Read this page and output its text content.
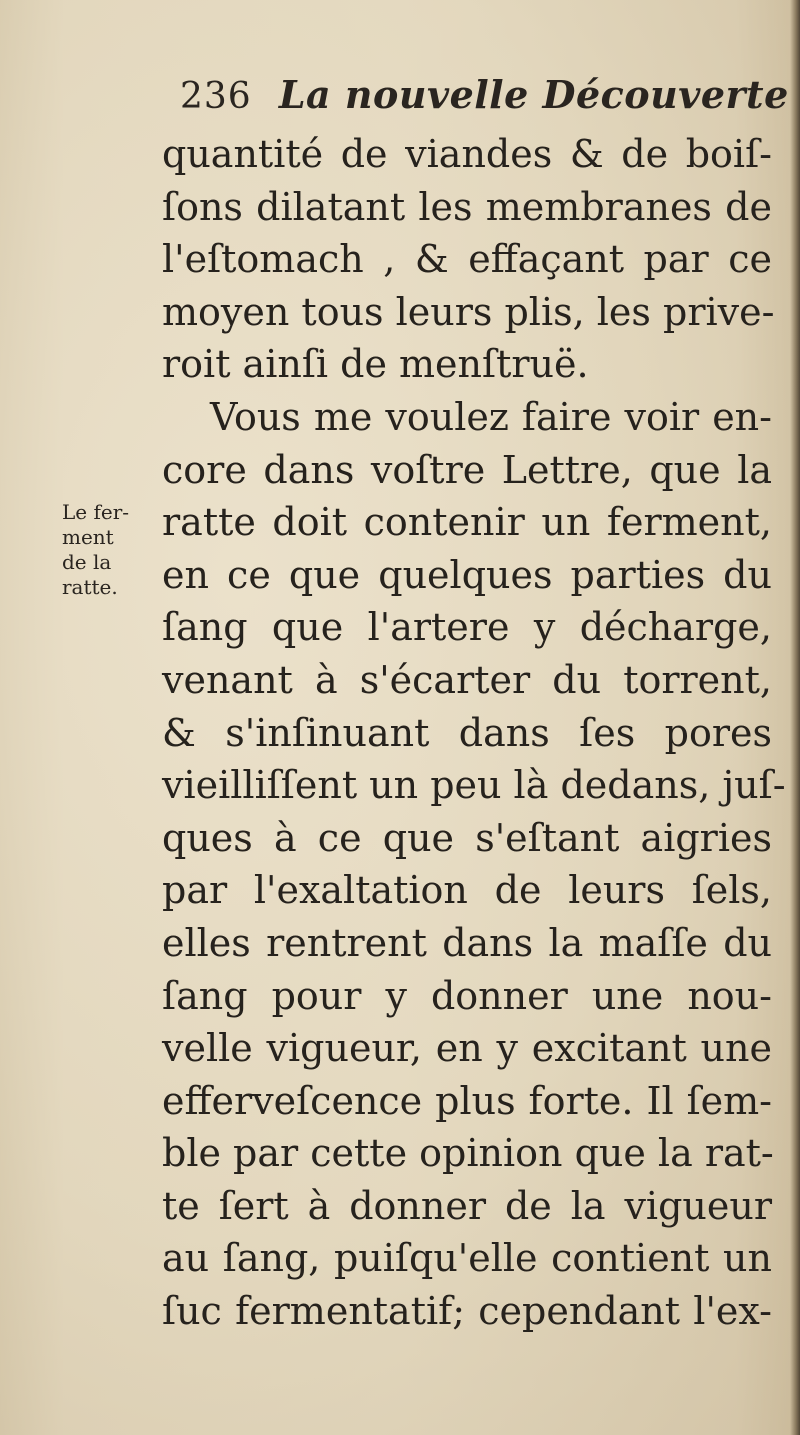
236 La nouvelle Découverte
Le fer-
ment
de la
ratte.
quantité de viandes & de boiſ-
ſons dilatant les membranes de
l'eſtomach , & effaçant par ce
moyen tous leurs plis, les prive-
roit ainſi de menſtruë.
Vous me voulez faire voir en-
core dans voſtre Lettre, que la
ratte doit contenir un ferment,
en ce que quelques parties du
ſang que l'artere y décharge,
venant à s'écarter du torrent,
& s'inſinuant dans ſes pores
vieilliſſent un peu là dedans, juſ-
ques à ce que s'eſtant aigries
par l'exaltation de leurs ſels,
elles rentrent dans la maſſe du
ſang pour y donner une nou-
velle vigueur, en y excitant une
efferveſcence plus forte. Il ſem-
ble par cette opinion que la rat-
te ſert à donner de la vigueur
au ſang, puiſqu'elle contient un
ſuc fermentatif; cependant l'ex-
